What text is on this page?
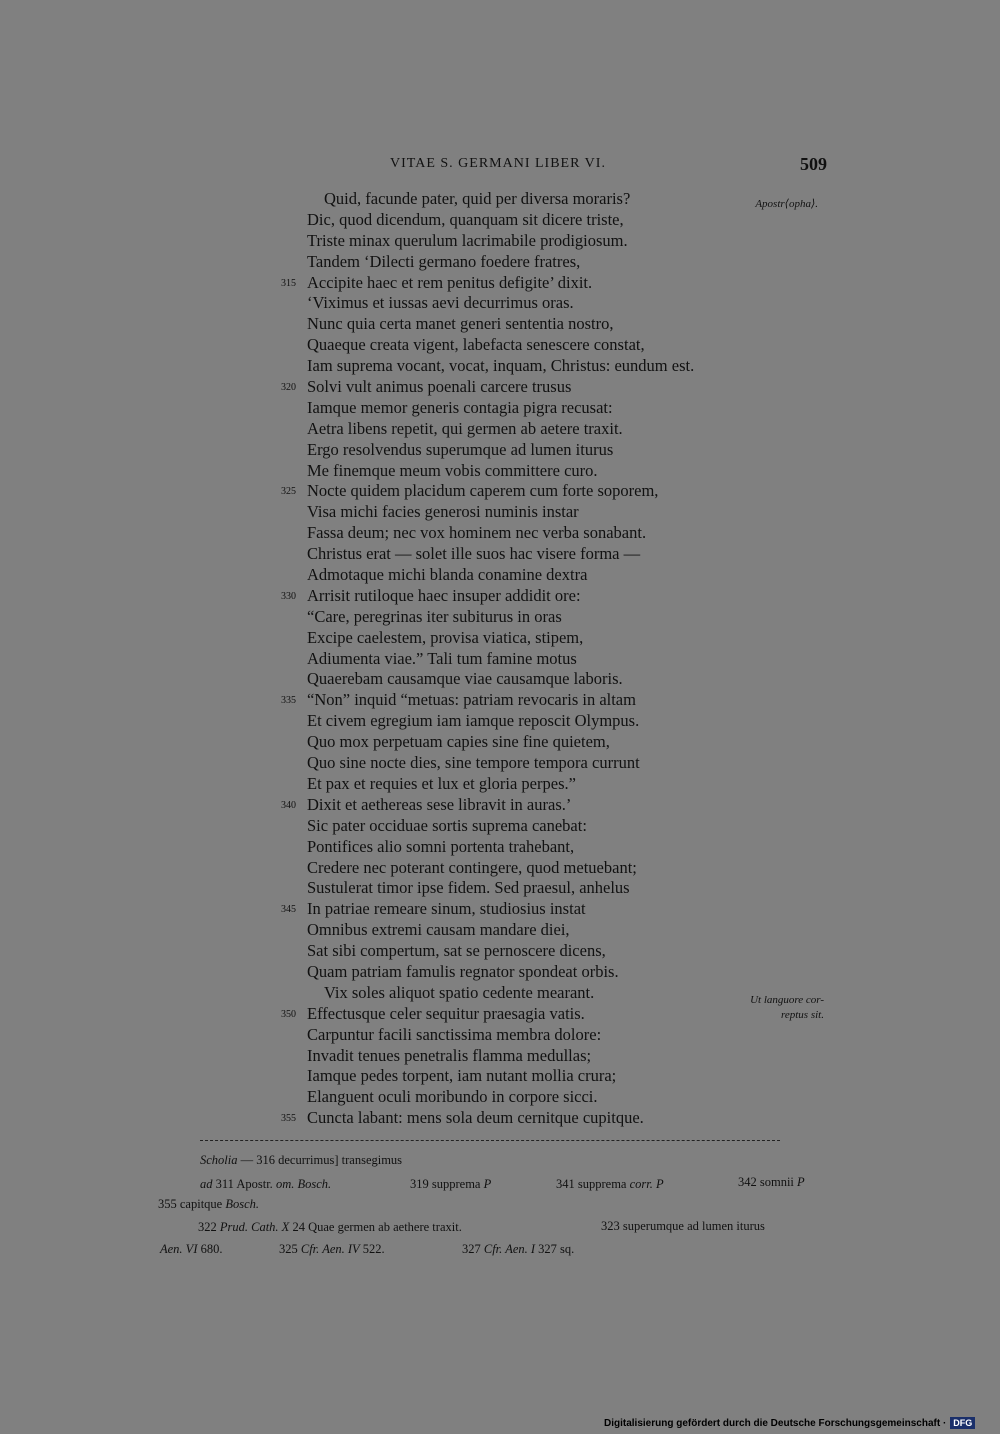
VITAE S. GERMANI LIBER VI.	509
Quid, facunde pater, quid per diversa moraris?
Dic, quod dicendum, quanquam sit dicere triste,
Triste minax querulum lacrimabile prodigiosum.
Tandem ‘Dilecti germano foedere fratres,
315 Accipite haec et rem penitus defigite’ dixit.
‘Viximus et iussas aevi decurrimus oras.
Nunc quia certa manet generi sententia nostro,
Quaeque creata vigent, labefacta senescere constat,
Iam suprema vocant, vocat, inquam, Christus: eundum est.
320 Solvi vult animus poenali carcere trusus
Iamque memor generis contagia pigra recusat:
Aetra libens repetit, qui germen ab aetere traxit.
Ergo resolvendus superumque ad lumen iturus
Me finemque meum vobis committere curo.
325 Nocte quidem placidum caperem cum forte soporem,
Visa michi facies generosi numinis instar
Fassa deum; nec vox hominem nec verba sonabant.
Christus erat — solet ille suos hac visere forma —
Admotaque michi blanda conamine dextra
330 Arrisit rutiloque haec insuper addidit ore:
“Care, peregrinas iter subiturus in oras
Excipe caelestem, provisa viatica, stipem,
Adiumenta viae.” Tali tum famine motus
Quaerebam causamque viae causamque laboris.
335 “Non” inquid “metuas: patriam revocaris in altam
Et civem egregium iam iamque reposcit Olympus.
Quo mox perpetuam capies sine fine quietem,
Quo sine nocte dies, sine tempore tempora currunt
Et pax et requies et lux et gloria perpes.”
340 Dixit et aethereas sese libravit in auras.’
Sic pater occiduae sortis suprema canebat:
Pontifices alio somni portenta trahebant,
Credere nec poterant contingere, quod metuebant;
Sustulerat timor ipse fidem. Sed praesul, anhelus
345 In patriae remeare sinum, studiosius instat
Omnibus extremi causam mandare diei,
Sat sibi compertum, sat se pernoscere dicens,
Quam patriam famulis regnator spondeat orbis.
Vix soles aliquot spatio cedente mearant.
350 Effectusque celer sequitur praesagia vatis.
Carpuntur facili sanctissima membra dolore:
Invadit tenues penetralis flamma medullas;
Iamque pedes torpent, iam nutant mollia crura;
Elanguent oculi moribundo in corpore sicci.
355 Cuncta labant: mens sola deum cernitque cupitque.
Apostr⟨opha⟩.
Ut languore cor-
reptus sit.
Scholia — 316 decurrimus] transegimus
ad 311 Apostr. om. Bosch.	319 supprema P	341 supprema corr. P	342 somnii P
355 capitque Bosch.
322 Prud. Cath. X 24 Quae germen ab aethere traxit.	323 superumque ad lumen iturus
Aen. VI 680.	325 Cfr. Aen. IV 522.	327 Cfr. Aen. I 327 sq.
Digitalisierung gefördert durch die Deutsche Forschungsgemeinschaft · DFG
